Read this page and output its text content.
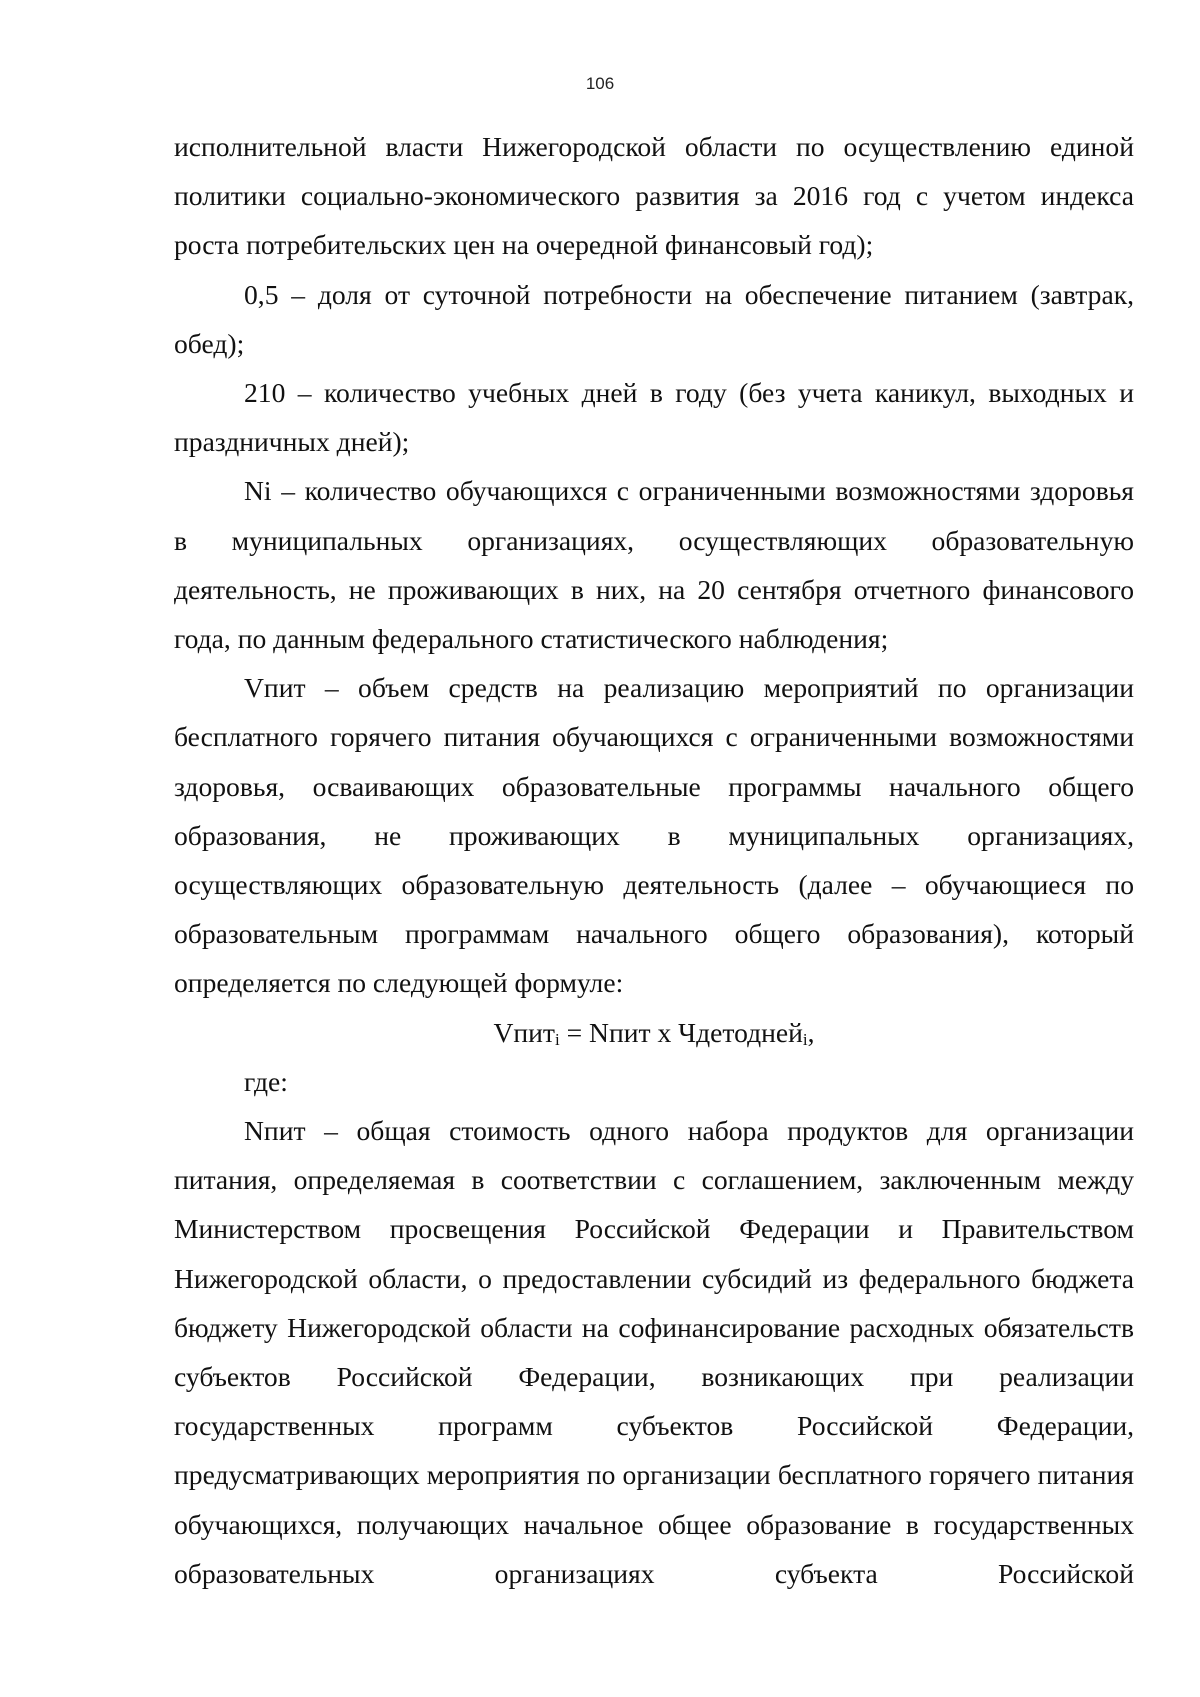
106

исполнительной власти Нижегородской области по осуществлению единой политики социально-экономического развития за 2016 год с учетом индекса роста потребительских цен на очередной финансовый год);

0,5 – доля от суточной потребности на обеспечение питанием (завтрак, обед);

210 – количество учебных дней в году (без учета каникул, выходных и праздничных дней);

Ni – количество обучающихся с ограниченными возможностями здоровья в муниципальных организациях, осуществляющих образовательную деятельность, не проживающих в них, на 20 сентября отчетного финансового года, по данным федерального статистического наблюдения;

Vпит – объем средств на реализацию мероприятий по организации бесплатного горячего питания обучающихся с ограниченными возможностями здоровья, осваивающих образовательные программы начального общего образования, не проживающих в муниципальных организациях, осуществляющих образовательную деятельность (далее – обучающиеся по образовательным программам начального общего образования), который определяется по следующей формуле:

Vпит$_i$ = Nпит х Чдетодней$_i$,

где:

Nпит – общая стоимость одного набора продуктов для организации питания, определяемая в соответствии с соглашением, заключенным между Министерством просвещения Российской Федерации и Правительством Нижегородской области, о предоставлении субсидий из федерального бюджета бюджету Нижегородской области на софинансирование расходных обязательств субъектов Российской Федерации, возникающих при реализации государственных программ субъектов Российской Федерации, предусматривающих мероприятия по организации бесплатного горячего питания обучающихся, получающих начальное общее образование в государственных образовательных организациях субъекта Российской
